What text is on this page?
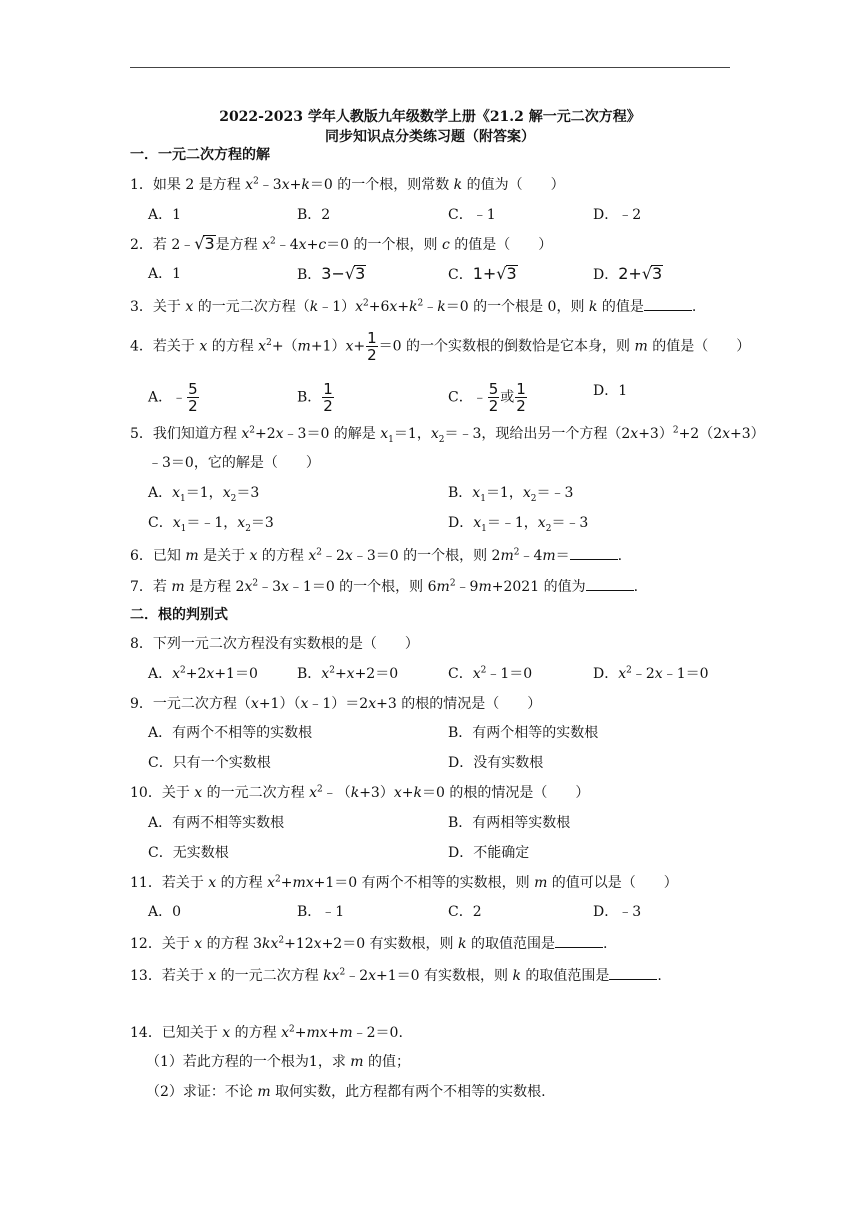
2022-2023 学年人教版九年级数学上册《21.2 解一元二次方程》
同步知识点分类练习题（附答案）
一．一元二次方程的解
1．如果 2 是方程 $x^2﹣3x+k=0$ 的一个根，则常数 k 的值为（　　）
A．1	B．2	C．﹣1	D．﹣2
2．若 2﹣√3是方程 $x^2﹣4x+c=0$ 的一个根，则 c 的值是（　　）
A．1	B．3−√3	C．1+√3	D．2+√3
3．关于 x 的一元二次方程$(k﹣1)x^2+6x+k^2﹣k=0$ 的一个根是 0，则 k 的值是	.
4．若关于 x 的方程 $x^2+(m+1)x+ \frac{1}{2} =0$ 的一个实数根的倒数恰是它本身，则 m 的值是（　　）
A．﹣ $\frac{5}{2}$	B． $\frac{1}{2}$	C．﹣ $\frac{5}{2}$ 或 $\frac{1}{2}$	D．1
5．我们知道方程 $x^2+2x﹣3=0$ 的解是 $x_1=1$，$x_2=﹣3$，现给出另一个方程$(2x+3)^2+2(2x+3)$
﹣3＝0，它的解是（　　）
A．$x_1=1$，$x_2=3$	B．$x_1=1$，$x_2=﹣3$
C．$x_1=﹣1$，$x_2=3$	D．$x_1=﹣1$，$x_2=﹣3$
6．已知 m 是关于 x 的方程 $x^2﹣2x﹣3=0$ 的一个根，则 $2m^2﹣4m=$	.
7．若 m 是方程 $2x^2﹣3x﹣1=0$ 的一个根，则 $6m^2﹣9m+2021$ 的值为	.
二．根的判别式
8．下列一元二次方程没有实数根的是（　　）
A．$x^2+2x+1=0$	B．$x^2+x+2=0$	C．$x^2﹣1=0$	D．$x^2﹣2x﹣1=0$
9．一元二次方程（x+1）（x﹣1）＝2x+3 的根的情况是（　　）
A．有两个不相等的实数根	B．有两个相等的实数根
C．只有一个实数根	D．没有实数根
10．关于 x 的一元二次方程 $x^2﹣(k+3)x+k=0$ 的根的情况是（　　）
A．有两不相等实数根	B．有两相等实数根
C．无实数根	D．不能确定
11．若关于 x 的方程 $x^2+mx+1=0$ 有两个不相等的实数根，则 m 的值可以是（　　）
A．0	B．﹣1	C．2	D．﹣3
12．关于 x 的方程 $3kx^2+12x+2=0$ 有实数根，则 k 的取值范围是	.
13．若关于 x 的一元二次方程 $kx^2﹣2x+1=0$ 有实数根，则 k 的取值范围是	.
14．已知关于 x 的方程 $x^2+mx+m﹣2=0$.
（1）若此方程的一个根为1，求 m 的值；
（2）求证：不论 m 取何实数，此方程都有两个不相等的实数根.
